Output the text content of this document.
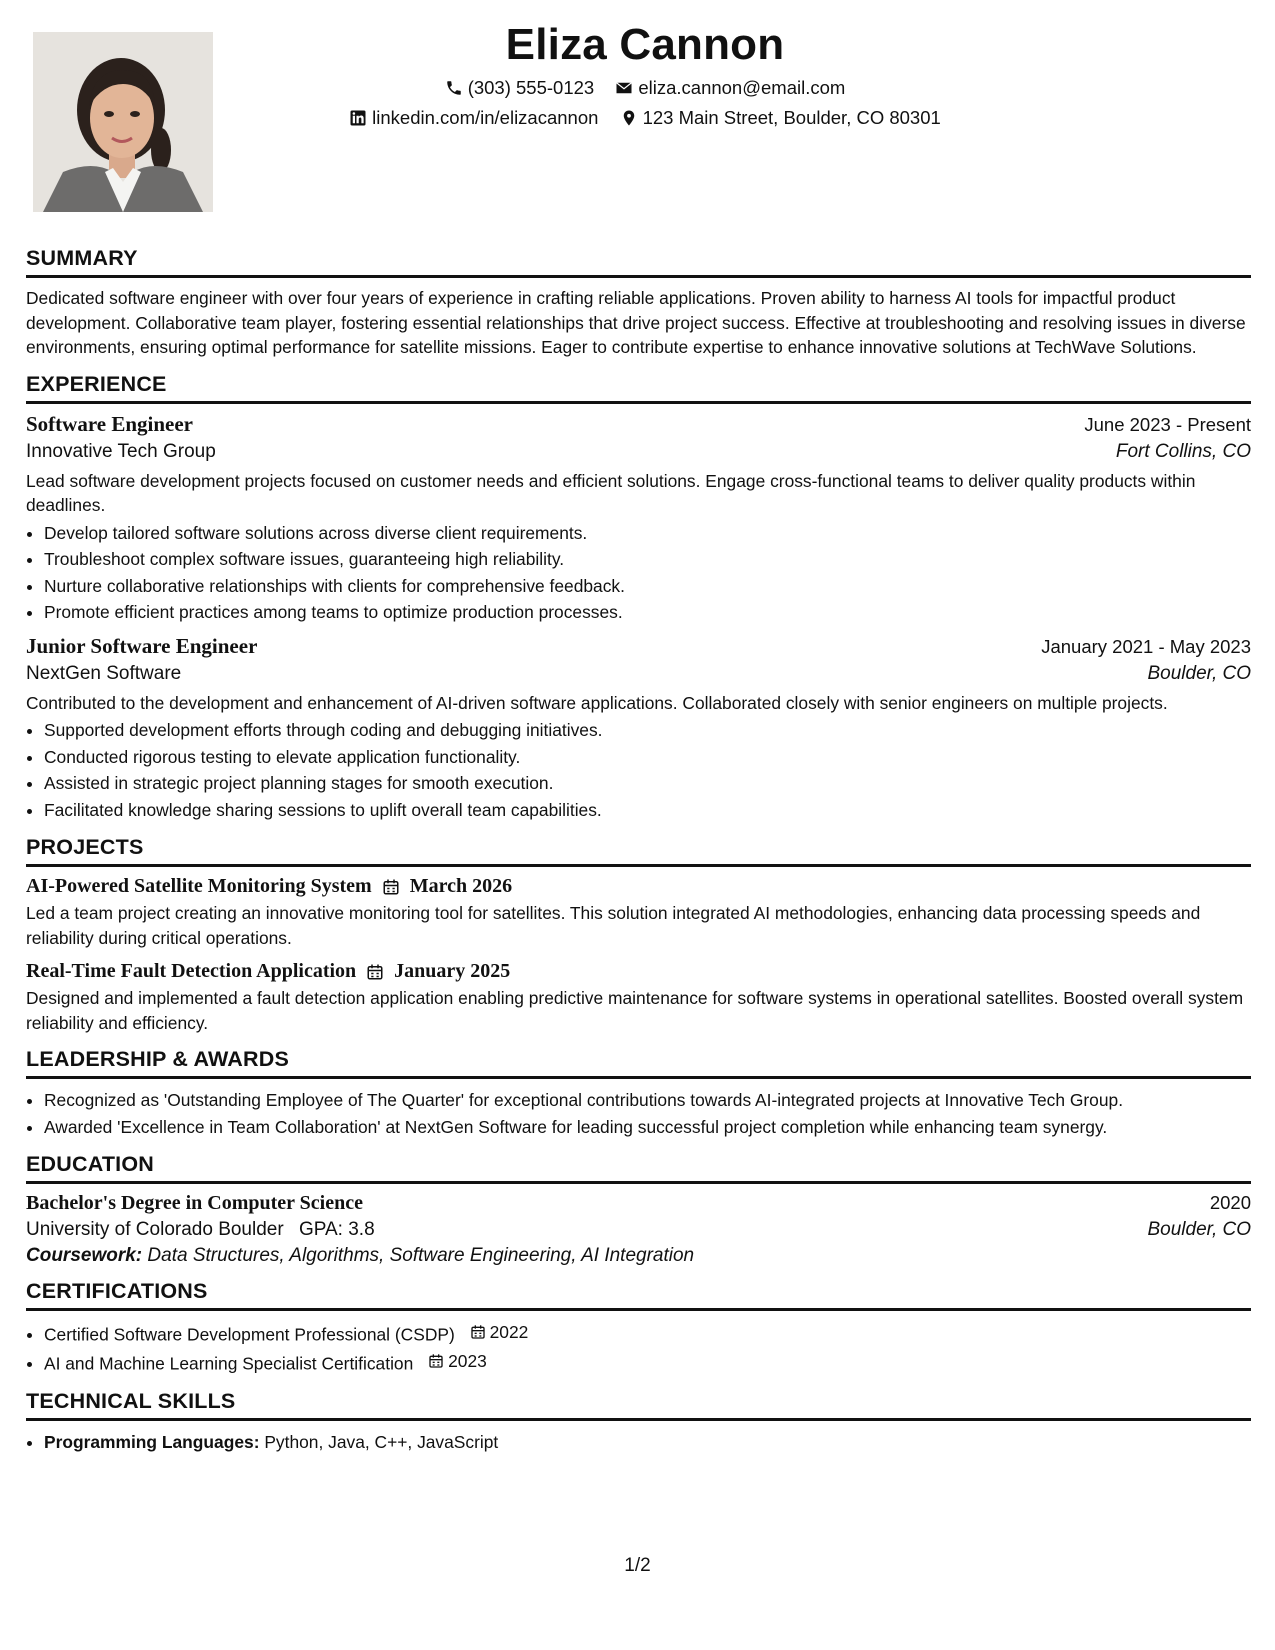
Eliza Cannon
(303) 555-0123
eliza.cannon@email.com
linkedin.com/in/elizacannon
123 Main Street, Boulder, CO 80301
SUMMARY

Dedicated software engineer with over four years of experience in crafting reliable applications. Proven ability to harness AI tools for impactful product development. Collaborative team player, fostering essential relationships that drive project success. Effective at troubleshooting and resolving issues in diverse environments, ensuring optimal performance for satellite missions. Eager to contribute expertise to enhance innovative solutions at TechWave Solutions.

EXPERIENCE
Software Engineer	June 2023 - Present
Innovative Tech Group	Fort Collins, CO

Lead software development projects focused on customer needs and efficient solutions. Engage cross-functional teams to deliver quality products within deadlines.

• Develop tailored software solutions across diverse client requirements.
• Troubleshoot complex software issues, guaranteeing high reliability.
• Nurture collaborative relationships with clients for comprehensive feedback.
• Promote efficient practices among teams to optimize production processes.
Junior Software Engineer	January 2021 - May 2023
NextGen Software	Boulder, CO

Contributed to the development and enhancement of AI-driven software applications. Collaborated closely with senior engineers on multiple projects.

• Supported development efforts through coding and debugging initiatives.
• Conducted rigorous testing to elevate application functionality.
• Assisted in strategic project planning stages for smooth execution.
• Facilitated knowledge sharing sessions to uplift overall team capabilities.
PROJECTS
AI-Powered Satellite Monitoring System March 2026

Led a team project creating an innovative monitoring tool for satellites. This solution integrated AI methodologies, enhancing data processing speeds and reliability during critical operations.

Real-Time Fault Detection Application January 2025

Designed and implemented a fault detection application enabling predictive maintenance for software systems in operational satellites. Boosted overall system reliability and efficiency.

LEADERSHIP & AWARDS
• Recognized as 'Outstanding Employee of The Quarter' for exceptional contributions towards AI-integrated projects at Innovative Tech Group.
• Awarded 'Excellence in Team Collaboration' at NextGen Software for leading successful project completion while enhancing team synergy.
EDUCATION
Bachelor's Degree in Computer Science	2020
University of Colorado Boulder GPA: 3.8	Boulder, CO
Coursework: Data Structures, Algorithms, Software Engineering, AI Integration
CERTIFICATIONS
• Certified Software Development Professional (CSDP) 2022
• AI and Machine Learning Specialist Certification 2023
TECHNICAL SKILLS
• Programming Languages: Python, Java, C++, JavaScript
1/2
